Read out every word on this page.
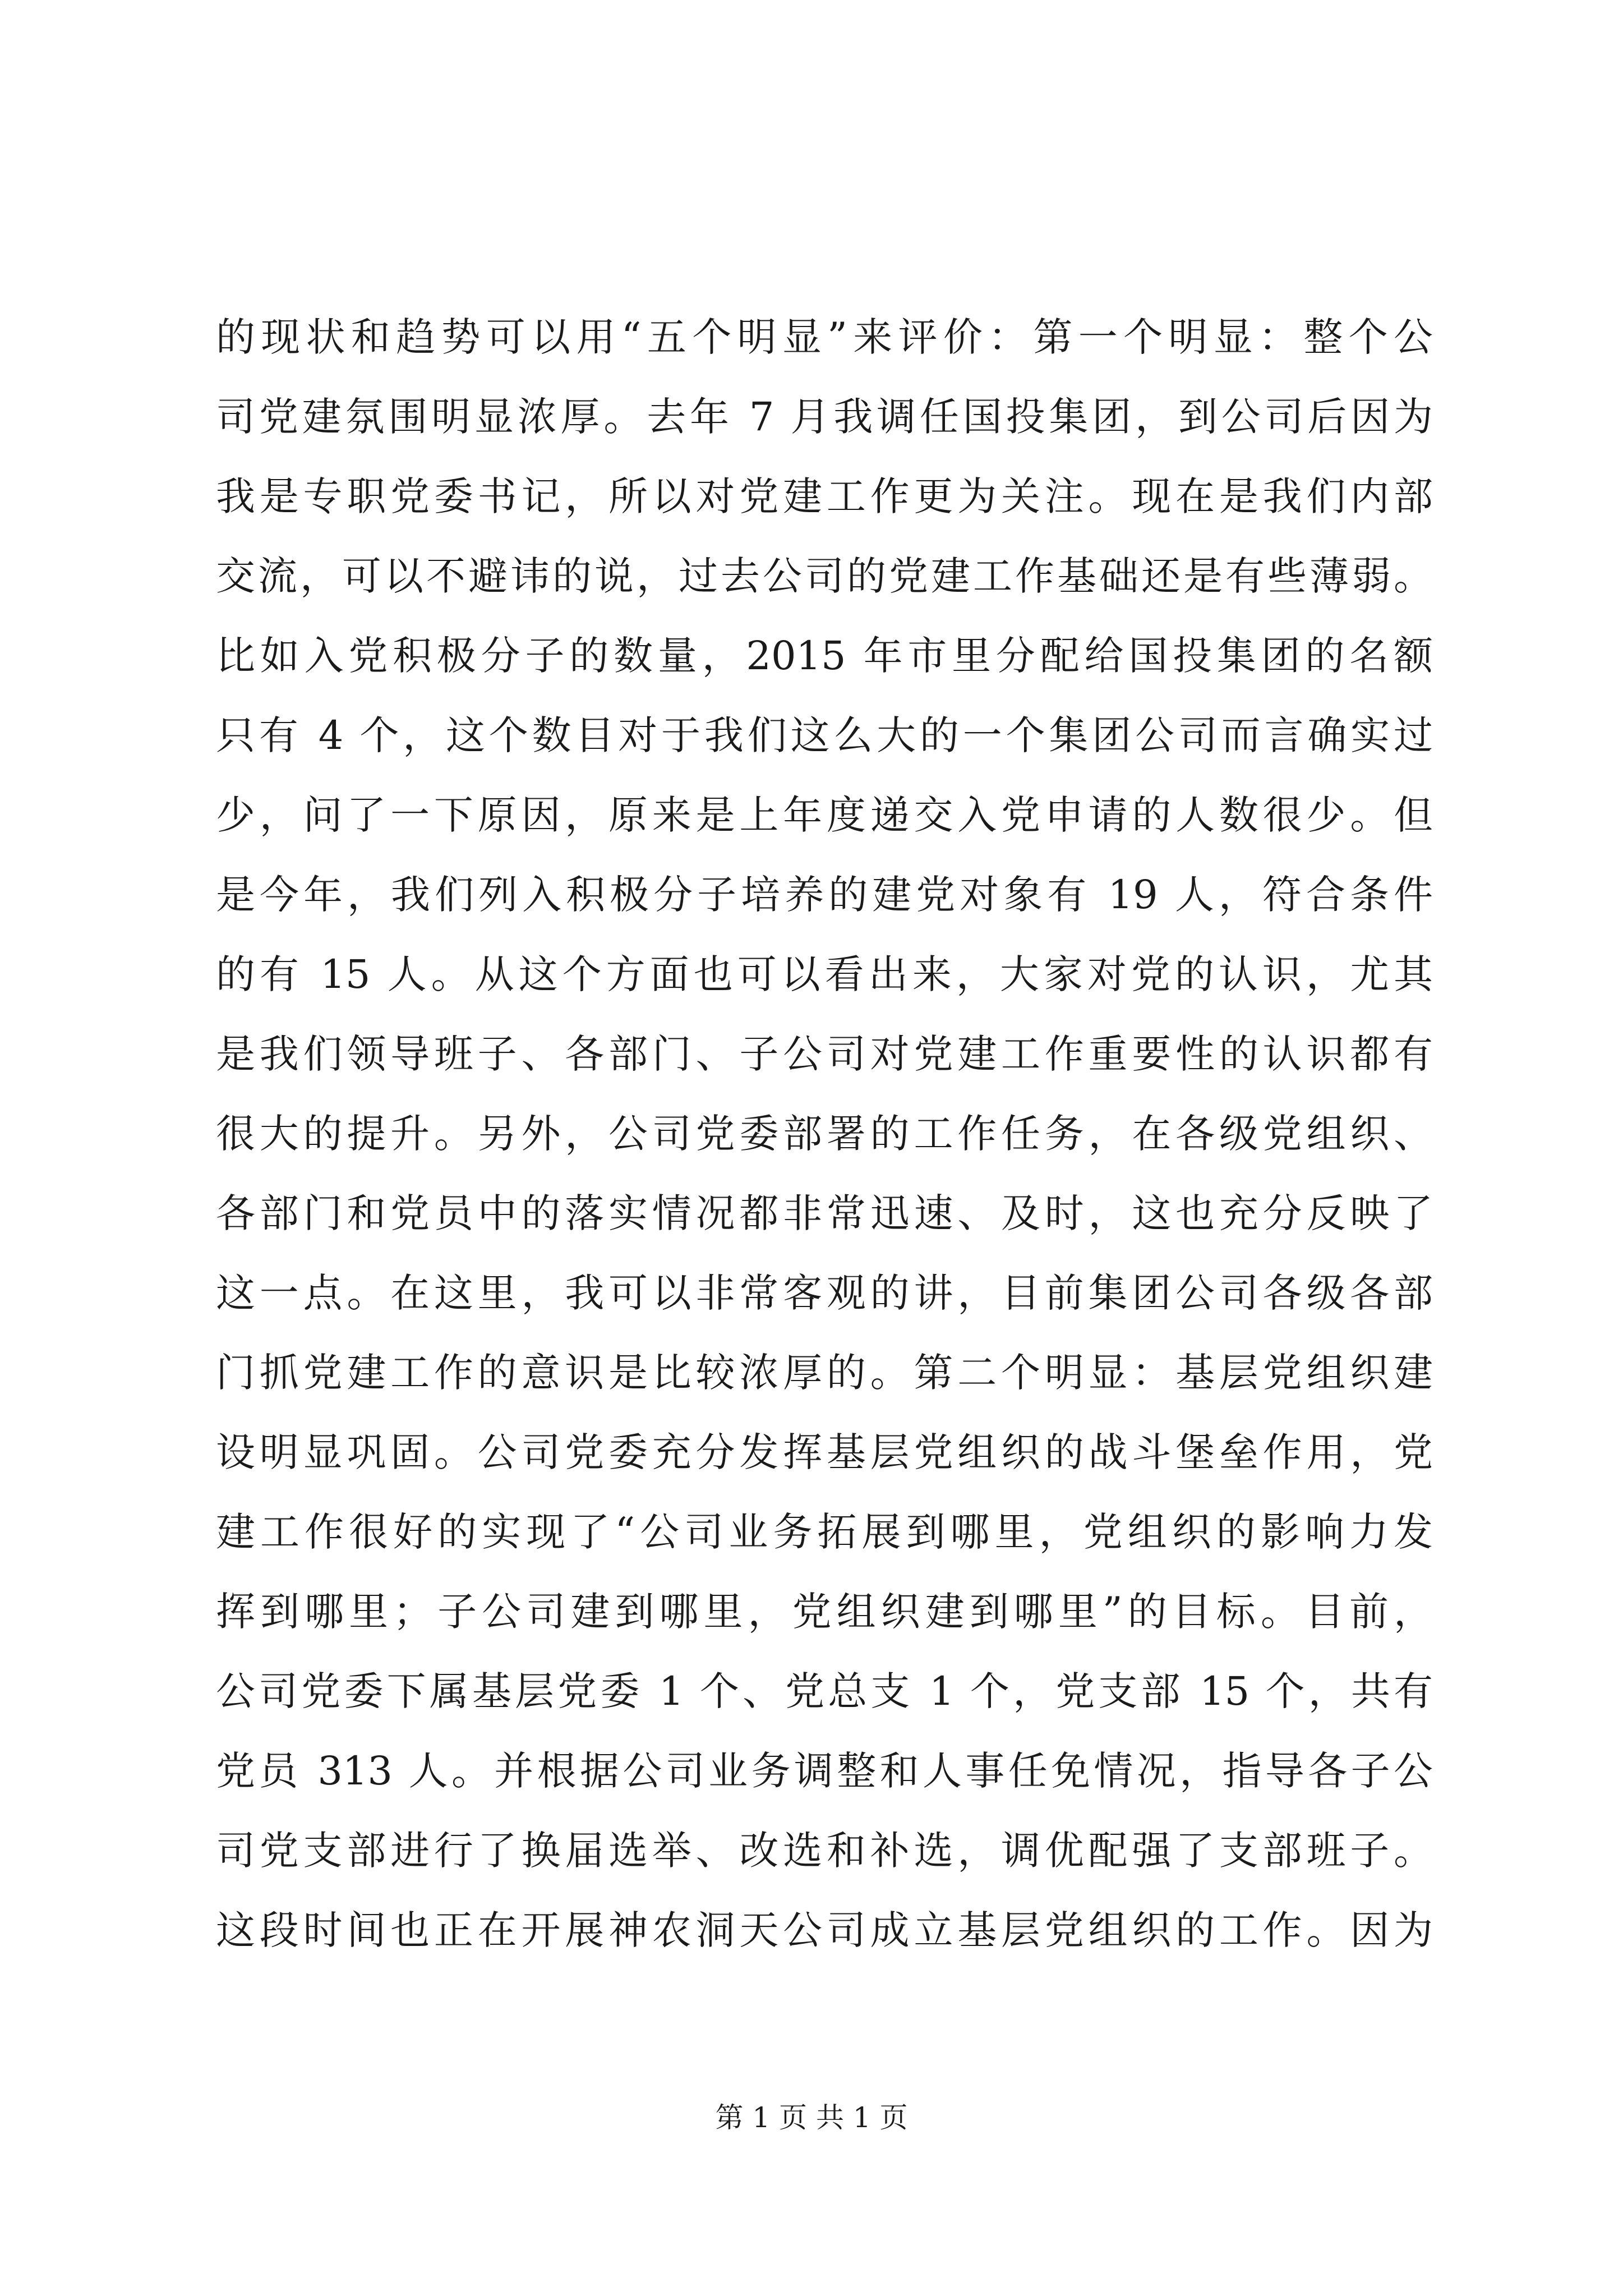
的现状和趋势可以用“五个明显”来评价：第一个明显：整个公
司党建氛围明显浓厚。去年 7 月我调任国投集团，到公司后因为
我是专职党委书记，所以对党建工作更为关注。现在是我们内部
交流，可以不避讳的说，过去公司的党建工作基础还是有些薄弱。
比如入党积极分子的数量，2015 年市里分配给国投集团的名额
只有 4 个，这个数目对于我们这么大的一个集团公司而言确实过
少，问了一下原因，原来是上年度递交入党申请的人数很少。但
是今年，我们列入积极分子培养的建党对象有 19 人，符合条件
的有 15 人。从这个方面也可以看出来，大家对党的认识，尤其
是我们领导班子、各部门、子公司对党建工作重要性的认识都有
很大的提升。另外，公司党委部署的工作任务，在各级党组织、
各部门和党员中的落实情况都非常迅速、及时，这也充分反映了
这一点。在这里，我可以非常客观的讲，目前集团公司各级各部
门抓党建工作的意识是比较浓厚的。第二个明显：基层党组织建
设明显巩固。公司党委充分发挥基层党组织的战斗堡垒作用，党
建工作很好的实现了“公司业务拓展到哪里，党组织的影响力发
挥到哪里；子公司建到哪里，党组织建到哪里”的目标。目前，
公司党委下属基层党委 1 个、党总支 1 个，党支部 15 个，共有
党员 313 人。并根据公司业务调整和人事任免情况，指导各子公
司党支部进行了换届选举、改选和补选，调优配强了支部班子。
这段时间也正在开展神农洞天公司成立基层党组织的工作。因为
第 1 页 共 1 页
